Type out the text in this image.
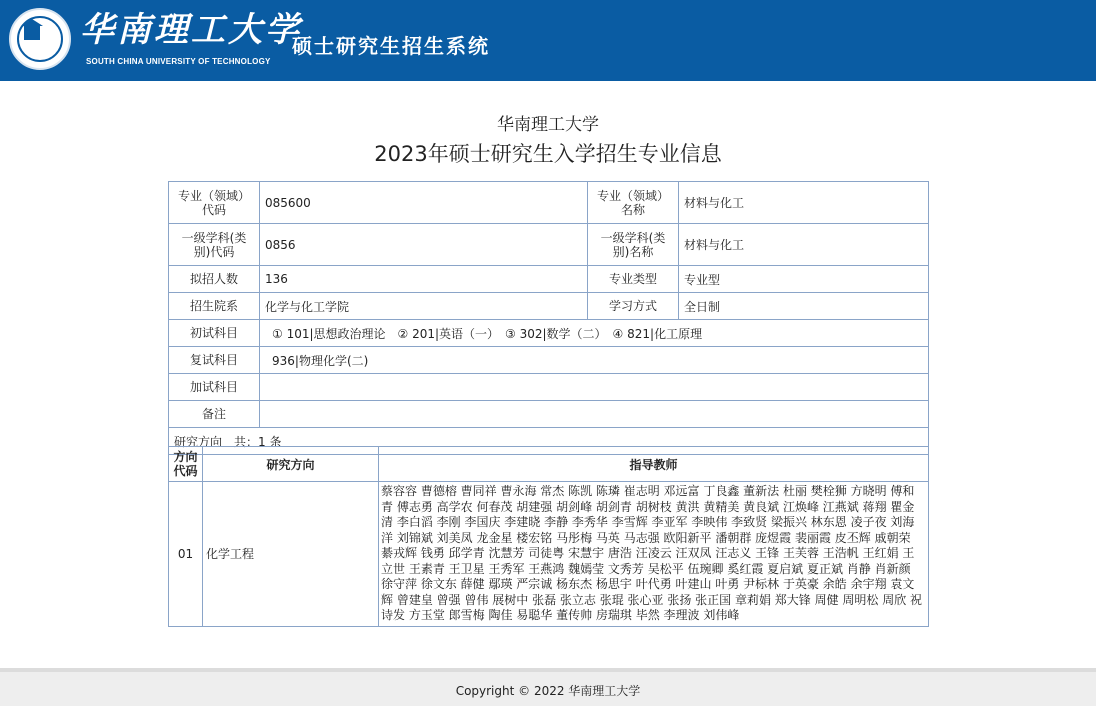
华南理工大学
SOUTH CHINA UNIVERSITY OF TECHNOLOGY
硕士研究生招生系统
华南理工大学
2023年硕士研究生入学招生专业信息
专业（领域）代码	085600	专业（领域）名称	材料与化工
一级学科(类别)代码	0856	一级学科(类别)名称	材料与化工
拟招人数	136	专业类型	专业型
招生院系	化学与化工学院	学习方式	全日制
初试科目	① 101|思想政治理论　② 201|英语（一）　③ 302|数学（二）　④ 821|化工原理		
复试科目	936|物理化学(二)		
加试科目			
备注			
研究方向　共：1 条			
方向代码	研究方向	指导教师
01	化学工程	蔡容容 曹德榕 曹同祥 曹永海 常杰 陈凯 陈璘 崔志明 邓远富 丁良鑫 董新法 杜丽 樊栓狮 方晓明 傅和青 傅志勇 高学农 何春茂 胡建强 胡剑峰 胡剑青 胡树枝 黄洪 黄精美 黄良斌 江焕峰 江燕斌 蒋翔 瞿金清 李白滔 李刚 李国庆 李建晓 李静 李秀华 李雪辉 李亚军 李映伟 李致贤 梁振兴 林东恩 凌子夜 刘海洋 刘锦斌 刘美凤 龙金星 楼宏铭 马彤梅 马英 马志强 欧阳新平 潘朝群 庞煜霞 裴丽霞 皮丕辉 戚朝荣 綦戎辉 钱勇 邱学青 沈慧芳 司徒粤 宋慧宇 唐浩 汪凌云 汪双凤 汪志义 王锋 王芙蓉 王浩帆 王红娟 王立世 王素青 王卫星 王秀军 王燕鸿 魏嫣莹 文秀芳 吴松平 伍琬卿 奚红霞 夏启斌 夏正斌 肖静 肖新颜 徐守萍 徐文东 薛健 鄢瑛 严宗诚 杨东杰 杨思宇 叶代勇 叶建山 叶勇 尹标林 于英豪 余皓 余宇翔 袁文辉 曾建皇 曾强 曾伟 展树中 张磊 张立志 张琨 张心亚 张扬 张正国 章莉娟 郑大锋 周健 周明松 周欣 祝诗发 方玉堂 郎雪梅 陶佳 易聪华 董传帅 房瑞琪 毕然 李理波 刘伟峰
Copyright © 2022 华南理工大学
